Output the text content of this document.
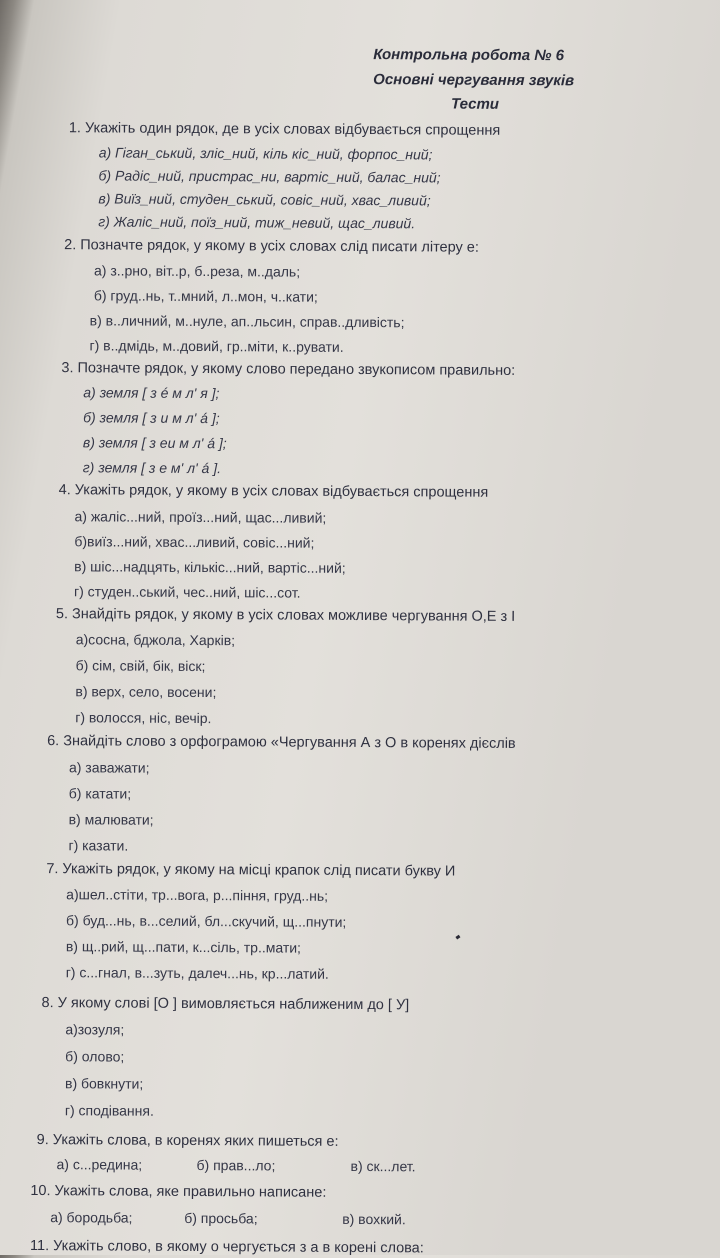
Контрольна робота № 6
Основні чергування звуків
Тести
1. Укажіть один рядок, де в усіх словах відбувається спрощення
а) Гіган_ський, зліс_ний, кіль кіс_ний, форпос_ний;
б) Радіс_ний, пристрас_ни, вартіс_ний, балас_ний;
в) Виїз_ний, студен_ський, совіс_ний, хвас_ливий;
г) Жаліс_ний, поїз_ний, тиж_невий, щас_ливий.
2. Позначте рядок, у якому в усіх словах слід писати літеру е:
а) з..рно, віт..р, б..реза, м..даль;
б) груд..нь, т..мний, л..мон, ч..кати;
в) в..личний, м..нуле, ап..льсин, справ..дливість;
г) в..дмідь, м..довий, гр..міти, к..рувати.
3. Позначте рядок, у якому слово передано звукописом правильно:
а) земля [ з é м л' я ];
б) земля [ з и м л' á ];
в) земля [ з еи м л' á ];
г) земля [ з е м' л' á ].
4. Укажіть рядок, у якому в усіх словах відбувається спрощення
а) жаліс...ний, проїз...ний, щас...ливий;
б)виїз...ний, хвас...ливий, совіс...ний;
в) шіс...надцять, кількіс...ний, вартіс...ний;
г) студен..ський, чес..ний, шіс...сот.
5. Знайдіть рядок, у якому в усіх словах можливе чергування О,Е з І
а)сосна, бджола, Харків;
б) сім, свій, бік, віск;
в) верх, село, восени;
г) волосся, ніс, вечір.
6. Знайдіть слово з орфограмою «Чергування А з О в коренях дієслів
а) заважати;
б) катати;
в) малювати;
г) казати.
7. Укажіть рядок, у якому на місці крапок слід писати букву И
а)шел..стіти, тр...вога, р...піння, груд..нь;
б) буд...нь, в...селий, бл...скучий, щ...пнути;
в) щ..рий, щ...пати, к...сіль, тр..мати;
г) с...гнал, в...зуть, далеч...нь, кр...латий.
8. У якому слові [О ] вимовляється наближеним до [ У]
а)зозуля;
б) олово;
в) бовкнути;
г) сподівання.
9. Укажіть слова, в коренях яких пишеться е:
а) с...редина;	б) прав...ло;	в) ск...лет.
10. Укажіть слова, яке правильно написане:
а) бородьба;	б) просьба;	в) вохкий.
11. Укажіть слово, в якому о чергується з а в корені слова:
